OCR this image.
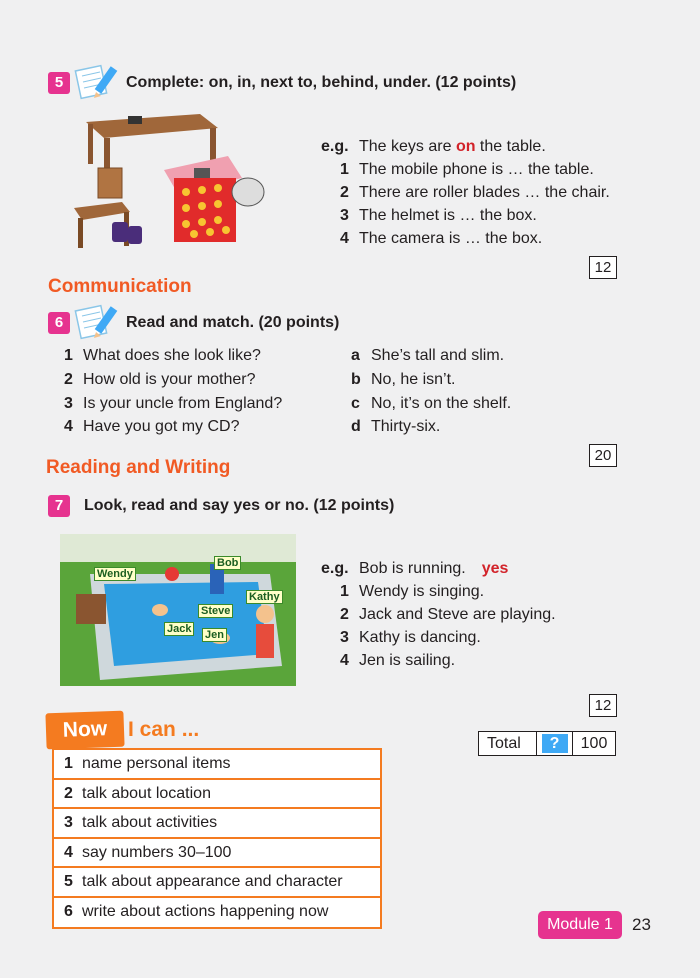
5	Complete: on, in, next to, behind, under. (12 points)
e.g. The keys are on the table.
1 The mobile phone is … the table.
2 There are roller blades … the chair.
3 The helmet is … the box.
4 The camera is … the box.
12
Communication
6	Read and match. (20 points)
1 What does she look like?
2 How old is your mother?
3 Is your uncle from England?
4 Have you got my CD?
a She’s tall and slim.
b No, he isn’t.
c No, it’s on the shelf.
d Thirty-six.
20
Reading and Writing
7	Look, read and say yes or no. (12 points)
Wendy
Bob
Kathy
Steve
Jack Jen
e.g. Bob is running. yes
1 Wendy is singing.
2 Jack and Steve are playing.
3 Kathy is dancing.
4 Jen is sailing.
12
Total	?	100
Now I can ...
1 name personal items
2 talk about location
3 talk about activities
4 say numbers 30–100
5 talk about appearance and character
6 write about actions happening now
Module 1	23
